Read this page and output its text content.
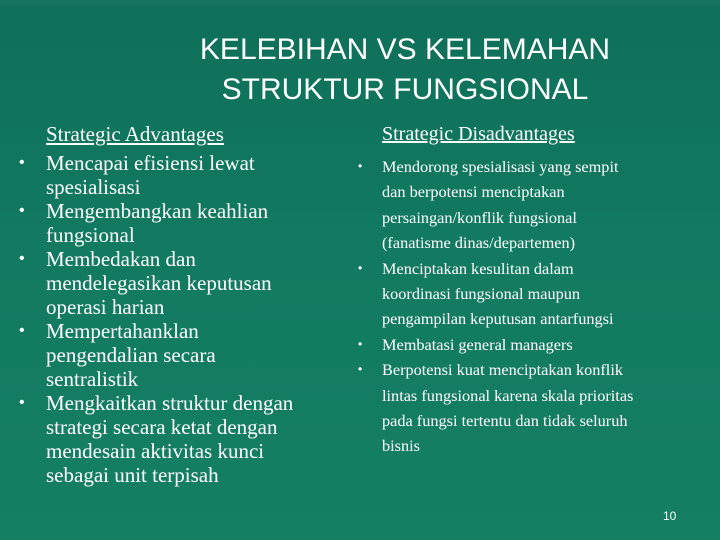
KELEBIHAN VS KELEMAHAN
STRUKTUR FUNGSIONAL
Strategic Advantages	Strategic Disadvantages
• Mencapai efisiensi lewat
spesialisasi
• Mengembangkan keahlian
fungsional
• Membedakan dan
mendelegasikan keputusan
operasi harian
• Mempertahanklan
pengendalian secara
sentralistik
• Mengkaitkan struktur dengan
strategi secara ketat dengan
mendesain aktivitas kunci
sebagai unit terpisah
• Mendorong spesialisasi yang sempit
dan berpotensi menciptakan
persaingan/konflik fungsional
(fanatisme dinas/departemen)
• Menciptakan kesulitan dalam
koordinasi fungsional maupun
pengampilan keputusan antarfungsi
• Membatasi general managers
• Berpotensi kuat menciptakan konflik
lintas fungsional karena skala prioritas
pada fungsi tertentu dan tidak seluruh
bisnis
10
